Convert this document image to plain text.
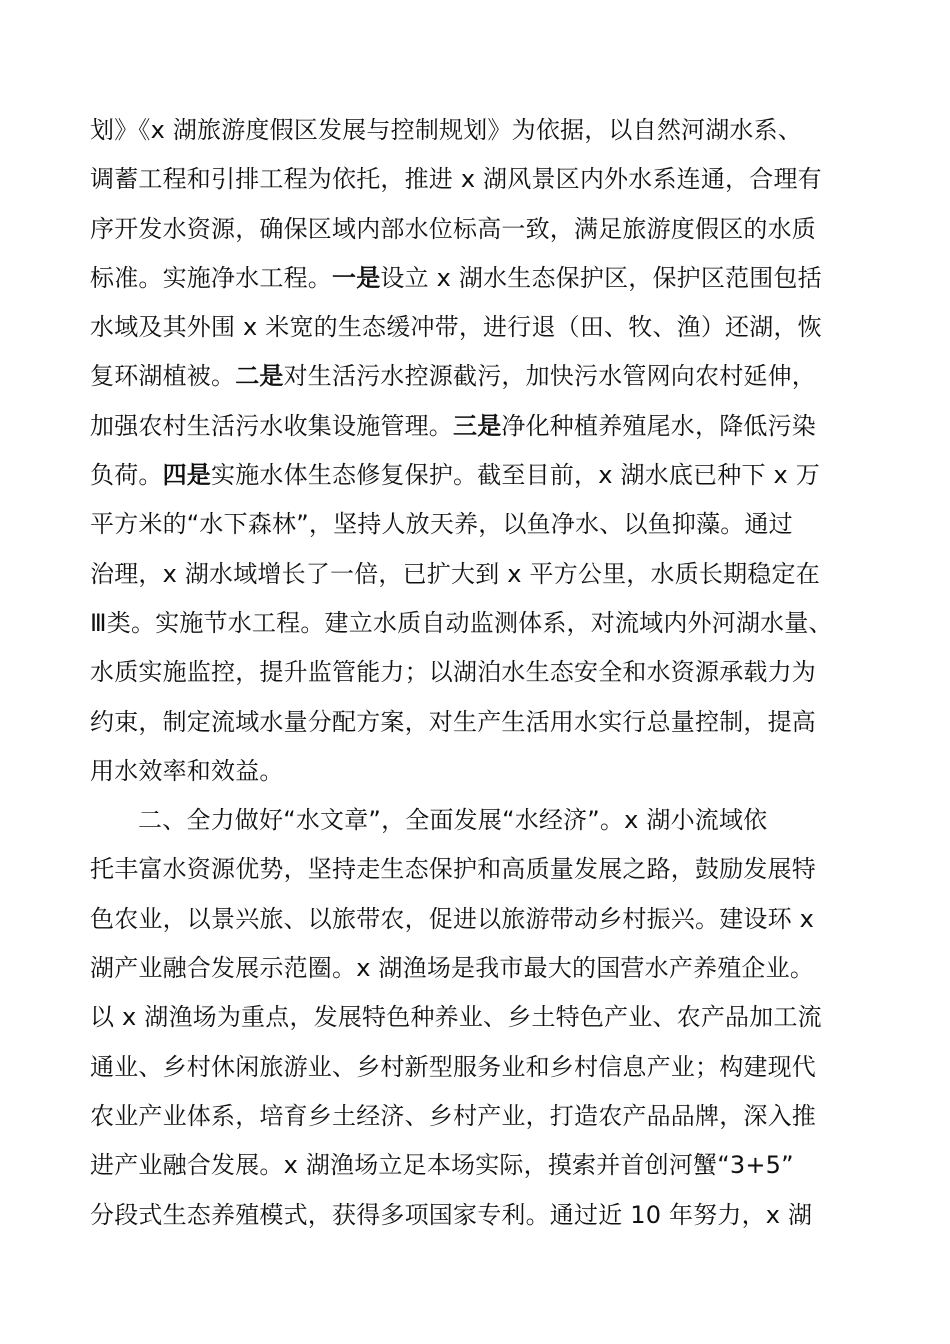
划》《x 湖旅游度假区发展与控制规划》为依据，以自然河湖水系、
调蓄工程和引排工程为依托，推进 x 湖风景区内外水系连通，合理有
序开发水资源，确保区域内部水位标高一致，满足旅游度假区的水质
标准。实施净水工程。一是设立 x 湖水生态保护区，保护区范围包括
水域及其外围 x 米宽的生态缓冲带，进行退（田、牧、渔）还湖，恢
复环湖植被。二是对生活污水控源截污，加快污水管网向农村延伸，
加强农村生活污水收集设施管理。三是净化种植养殖尾水，降低污染
负荷。四是实施水体生态修复保护。截至目前，x 湖水底已种下 x 万
平方米的“水下森林”，坚持人放天养，以鱼净水、以鱼抑藻。通过
治理，x 湖水域增长了一倍，已扩大到 x 平方公里，水质长期稳定在
Ⅲ类。实施节水工程。建立水质自动监测体系，对流域内外河湖水量、
水质实施监控，提升监管能力；以湖泊水生态安全和水资源承载力为
约束，制定流域水量分配方案，对生产生活用水实行总量控制，提高
用水效率和效益。
二、全力做好“水文章”，全面发展“水经济”。x 湖小流域依
托丰富水资源优势，坚持走生态保护和高质量发展之路，鼓励发展特
色农业，以景兴旅、以旅带农，促进以旅游带动乡村振兴。建设环 x
湖产业融合发展示范圈。x 湖渔场是我市最大的国营水产养殖企业。
以 x 湖渔场为重点，发展特色种养业、乡土特色产业、农产品加工流
通业、乡村休闲旅游业、乡村新型服务业和乡村信息产业；构建现代
农业产业体系，培育乡土经济、乡村产业，打造农产品品牌，深入推
进产业融合发展。x 湖渔场立足本场实际，摸索并首创河蟹“3+5”
分段式生态养殖模式，获得多项国家专利。通过近 10 年努力，x 湖
